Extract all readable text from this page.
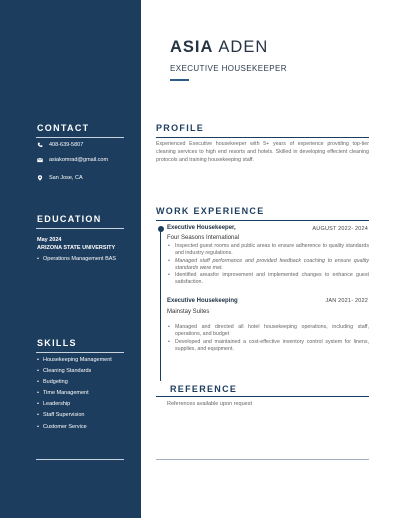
CONTACT
408-639-5807
asiakomrad@gmail.com
San Jose, CA
EDUCATION
May 2024
ARIZONA STATE UNIVERSITY
• Operations Management BAS
SKILLS
• Housekeeping Management
• Cleaning Standards
• Budgeting
• Time Management
• Leadership
• Staff Supervision
• Customer Service
ASIA ADEN
EXECUTIVE HOUSEKEEPER
PROFILE

Experienced Executive housekeeper with 5+ years of experience providing top-tier cleaning services to high end resorts and hotels. Skilled in developing effecient cleaning protocols and training housekeeping staff.

WORK EXPERIENCE
Executive Housekeeper,	AUGUST 2022- 2024
Four Seasons International
• Inspected guest rooms and public areas to ensure adherence to quality standards and industry regulations.
• Managed staff performance and provided feedback coaching to ensure quality standards were met.
• Identified areasfor improvement and implemented changes to enhance guest satisfaction.
Executive Housekeeping	JAN 2021- 2022
Mainstay Suites
• Managed and directed all hotel housekeeping operations, including staff, operations, and budget
• Developed and maintained a cost-effective inventory control system for linens, supplies, and equipment.
REFERENCE
References available upon request
